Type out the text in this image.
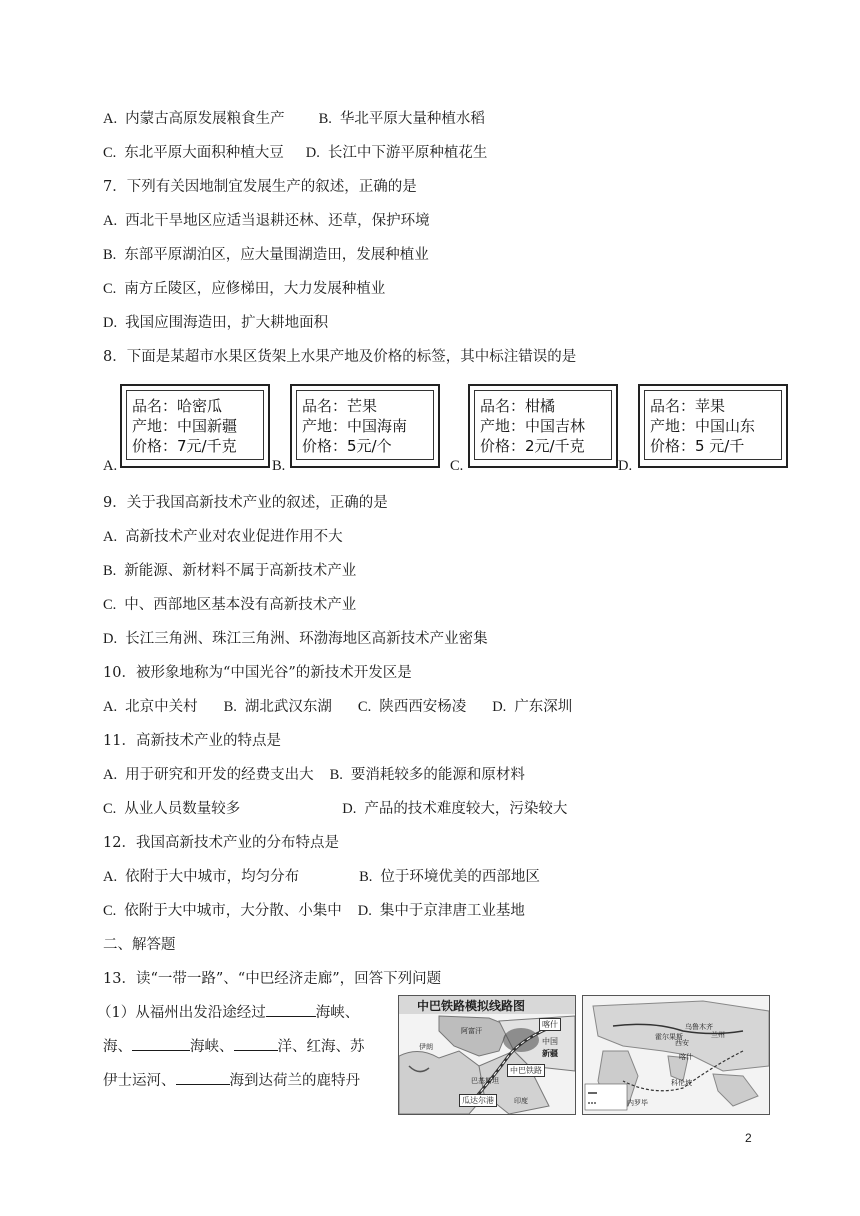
A. 内蒙古高原发展粮食生产 B. 华北平原大量种植水稻
C. 东北平原大面积种植大豆 D. 长江中下游平原种植花生
7．下列有关因地制宜发展生产的叙述，正确的是
A. 西北干旱地区应适当退耕还林、还草，保护环境
B. 东部平原湖泊区，应大量围湖造田，发展种植业
C. 南方丘陵区，应修梯田，大力发展种植业
D. 我国应围海造田，扩大耕地面积
8．下面是某超市水果区货架上水果产地及价格的标签，其中标注错误的是
A.
品名：哈密瓜
产地：中国新疆
价格：7元/千克
B.
品名：芒果
产地：中国海南
价格：5元/个
C.
品名：柑橘
产地：中国吉林
价格：2元/千克
D.
品名：苹果
产地：中国山东
价格：5 元/千
9．关于我国高新技术产业的叙述，正确的是
A. 高新技术产业对农业促进作用不大
B. 新能源、新材料不属于高新技术产业
C. 中、西部地区基本没有高新技术产业
D. 长江三角洲、珠江三角洲、环渤海地区高新技术产业密集
10．被形象地称为“中国光谷”的新技术开发区是
A. 北京中关村 B. 湖北武汉东湖 C. 陕西西安杨凌 D. 广东深圳
11．高新技术产业的特点是
A. 用于研究和开发的经费支出大 B. 要消耗较多的能源和原材料
C. 从业人员数量较多	D. 产品的技术难度较大，污染较大
12．我国高新技术产业的分布特点是
A. 依附于大中城市，均匀分布	B. 位于环境优美的西部地区
C. 依附于大中城市，大分散、小集中 D. 集中于京津唐工业基地
二、解答题
13．读“一带一路”、“中巴经济走廊”，回答下列问题
（1）从福州出发沿途经过	海峡、
海、	海峡、	洋、红海、苏
伊士运河、	海到达荷兰的鹿特丹
中巴铁路模拟线路图
喀什
中国
新疆
伊朗
阿富汗
中巴铁路
巴基斯坦
瓜达尔港	印度
西安
兰州
乌鲁木齐
霍尔果斯
喀什
科伦坡
内罗毕
2
